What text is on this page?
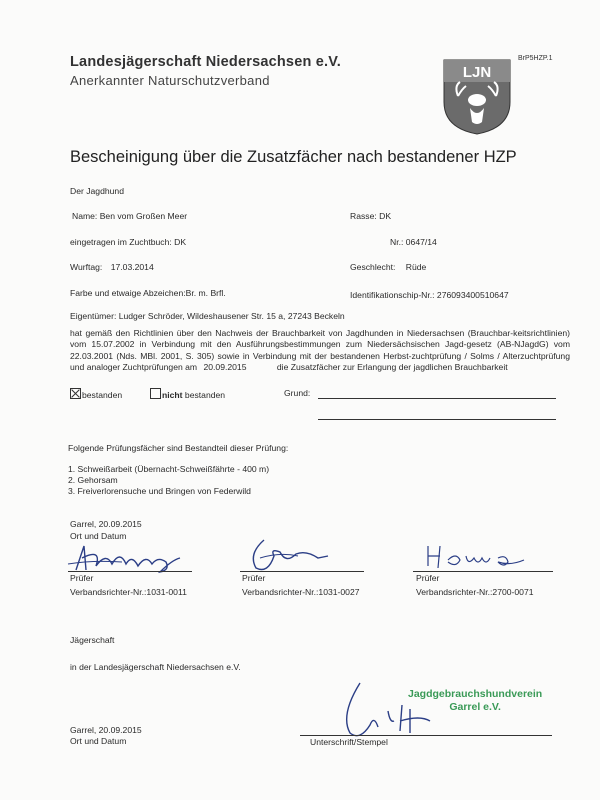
Landesjägerschaft Niedersachsen e.V.
Anerkannter Naturschutzverband
BrP5HZP.1
LJN
Bescheinigung über die Zusatzfächer nach bestandener HZP
Der Jagdhund
Name: Ben vom Großen Meer	Rasse: DK
eingetragen im Zuchtbuch: DK	Nr.: 0647/14
Wurftag: 17.03.2014	Geschlecht: Rüde
Farbe und etwaige Abzeichen:Br. m. Brfl.	Identifikationschip-Nr.: 276093400510647
Eigentümer: Ludger Schröder, Wildeshausener Str. 15 a, 27243 Beckeln
hat gemäß den Richtlinien über den Nachweis der Brauchbarkeit von Jagdhunden in Niedersachsen (Brauchbar-keitsrichtlinien) vom 15.07.2002 in Verbindung mit den Ausführungsbestimmungen zum Niedersächsischen Jagd-gesetz (AB-NJagdG) vom 22.03.2001 (Nds. MBl. 2001, S. 305) sowie in Verbindung mit der bestandenen Herbst-zuchtprüfung / Solms / Alterzuchtprüfung und analoger Zuchtprüfungen am 20.09.2015	die Zusatzfächer zur Erlangung der jagdlichen Brauchbarkeit
bestanden	nicht bestanden	Grund:
Folgende Prüfungsfächer sind Bestandteil dieser Prüfung:
1. Schweißarbeit (Übernacht-Schweißfährte - 400 m)
2. Gehorsam
3. Freiverlorensuche und Bringen von Federwild
Garrel, 20.09.2015
Ort und Datum
Prüfer	Prüfer	Prüfer
Verbandsrichter-Nr.:1031-0011	Verbandsrichter-Nr.:1031-0027	Verbandsrichter-Nr.:2700-0071
Jägerschaft
in der Landesjägerschaft Niedersachsen e.V.
Jagdgebrauchshundverein
Garrel e.V.
Garrel, 20.09.2015
Ort und Datum	Unterschrift/Stempel
